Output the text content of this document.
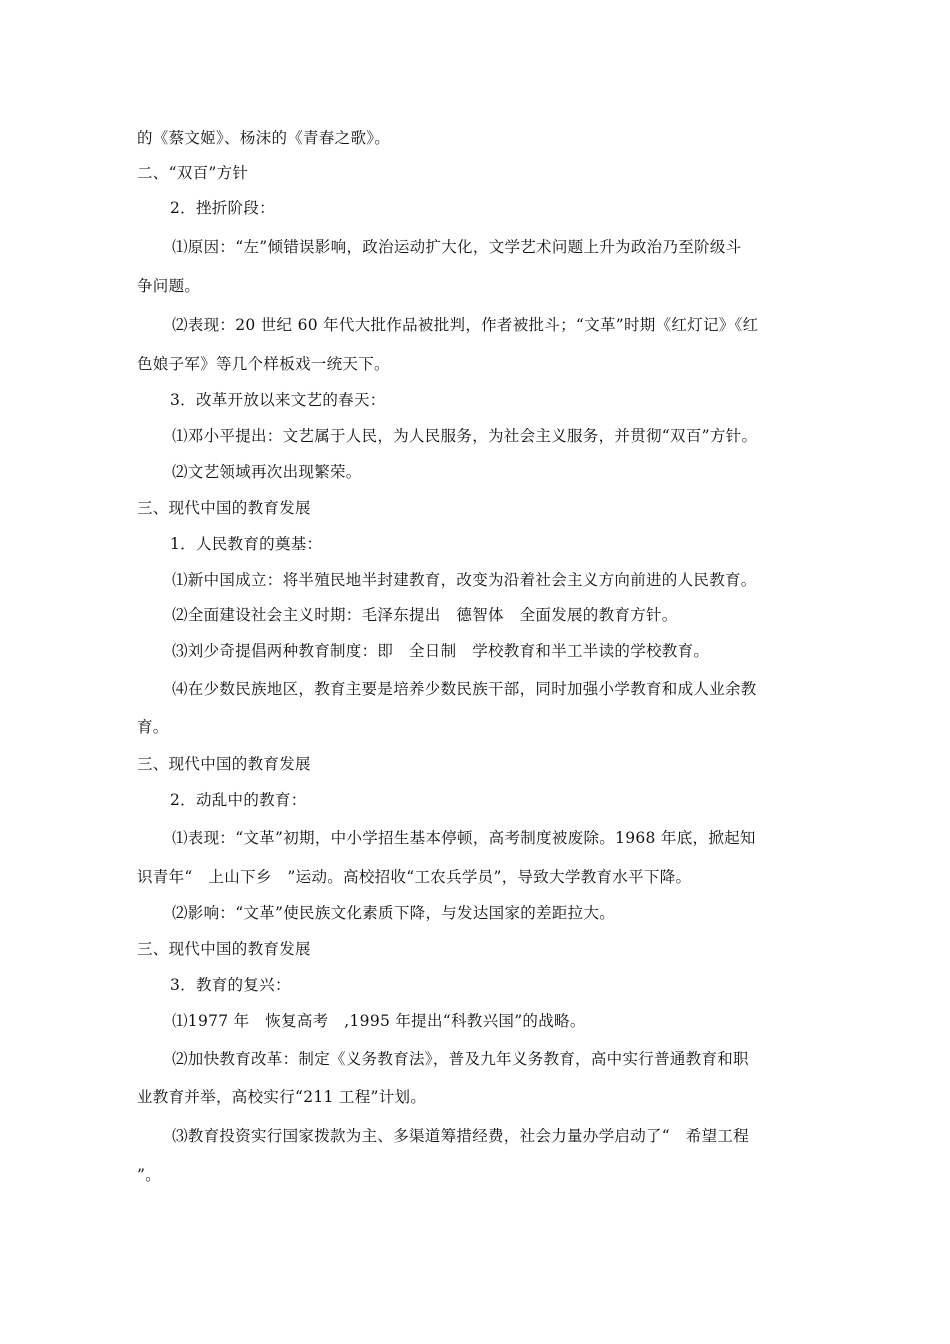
的《蔡文姬》、杨沫的《青春之歌》。
二、“双百”方针
2．挫折阶段：
⑴原因：“左”倾错误影响，政治运动扩大化，文学艺术问题上升为政治乃至阶级斗
争问题。
⑵表现：20 世纪 60 年代大批作品被批判，作者被批斗；“文革”时期《红灯记》《红
色娘子军》等几个样板戏一统天下。
3．改革开放以来文艺的春天：
⑴邓小平提出：文艺属于人民，为人民服务，为社会主义服务，并贯彻“双百”方针。
⑵文艺领域再次出现繁荣。
三、现代中国的教育发展
1．人民教育的奠基：
⑴新中国成立：将半殖民地半封建教育，改变为沿着社会主义方向前进的人民教育。
⑵全面建设社会主义时期：毛泽东提出　德智体　全面发展的教育方针。
⑶刘少奇提倡两种教育制度：即　全日制　学校教育和半工半读的学校教育。
⑷在少数民族地区，教育主要是培养少数民族干部，同时加强小学教育和成人业余教
育。
三、现代中国的教育发展
2．动乱中的教育：
⑴表现：“文革”初期，中小学招生基本停顿，高考制度被废除。1968 年底，掀起知
识青年“　上山下乡　”运动。高校招收“工农兵学员”，导致大学教育水平下降。
⑵影响：“文革”使民族文化素质下降，与发达国家的差距拉大。
三、现代中国的教育发展
3．教育的复兴：
⑴1977 年　恢复高考　,1995 年提出“科教兴国”的战略。
⑵加快教育改革：制定《义务教育法》，普及九年义务教育，高中实行普通教育和职
业教育并举，高校实行“211 工程”计划。
⑶教育投资实行国家拨款为主、多渠道筹措经费，社会力量办学启动了“　希望工程
”。
